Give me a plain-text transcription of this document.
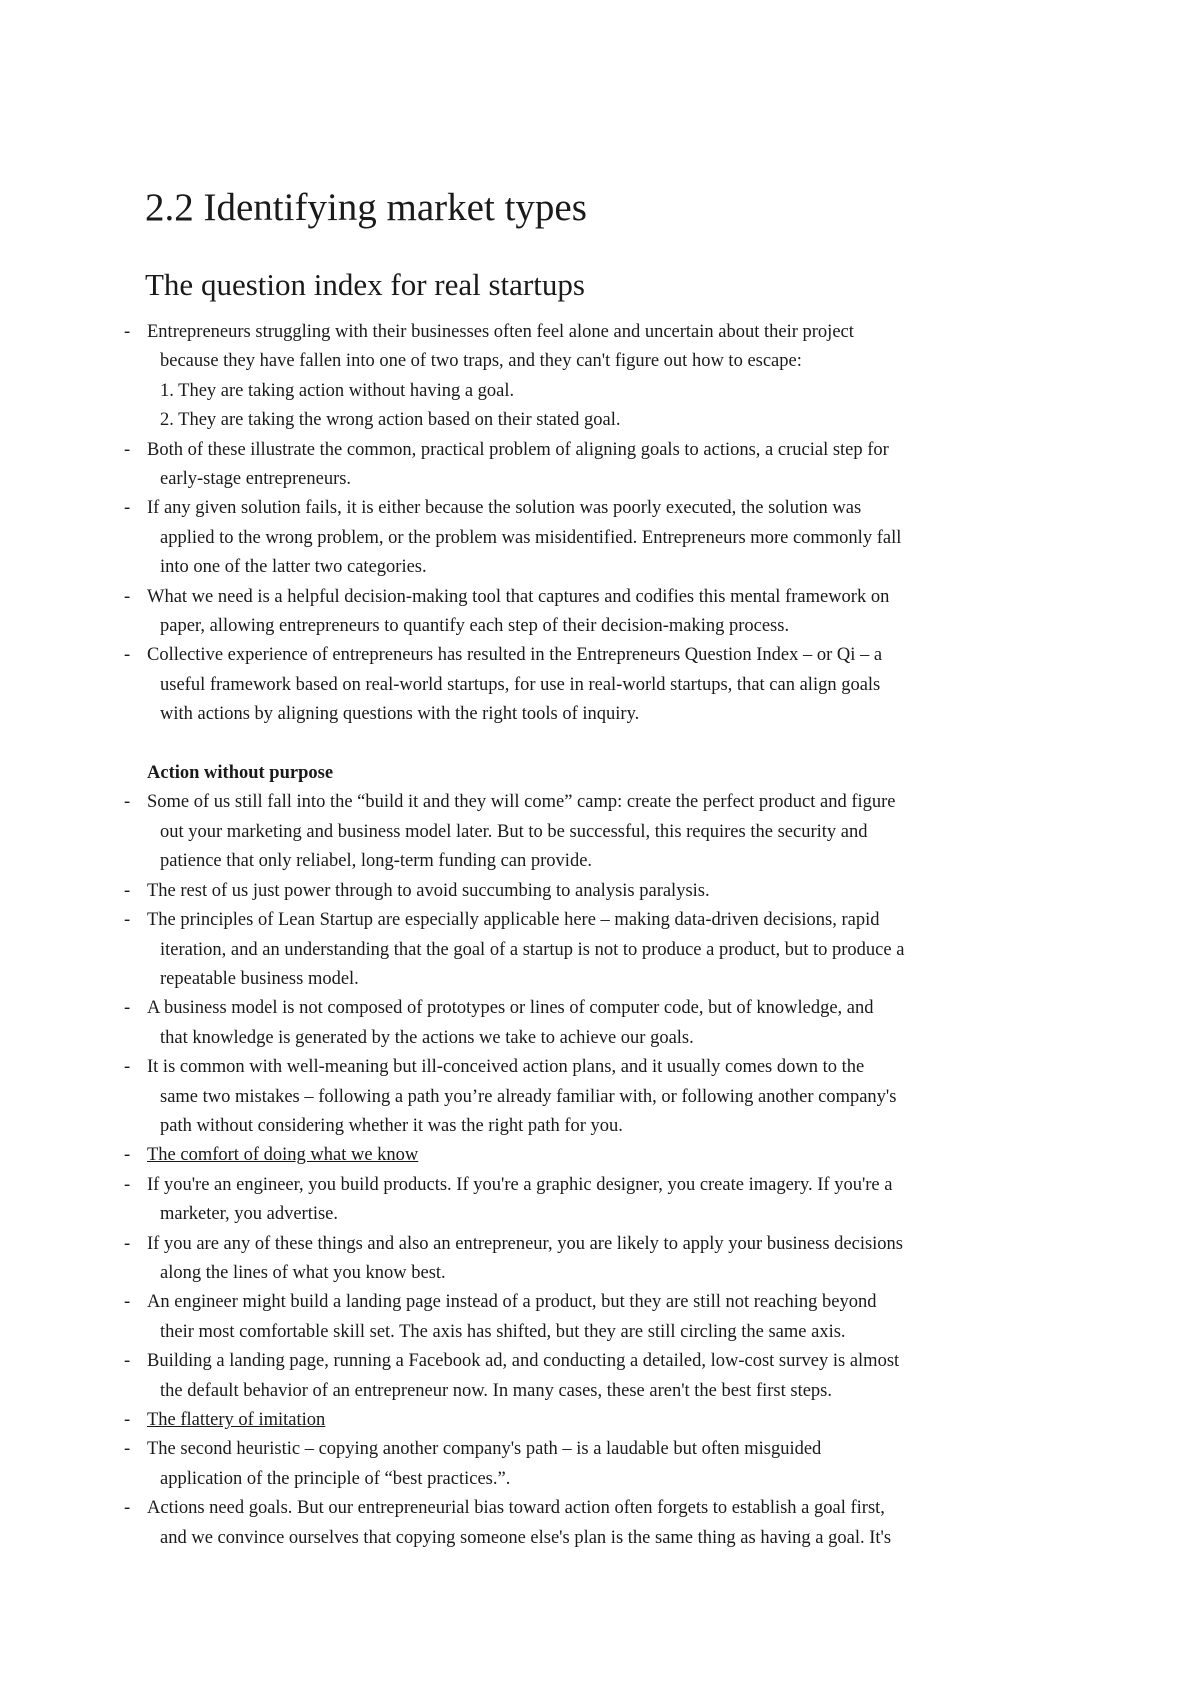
2.2 Identifying market types
The question index for real startups
- Entrepreneurs struggling with their businesses often feel alone and uncertain about their project
because they have fallen into one of two traps, and they can't figure out how to escape:
1. They are taking action without having a goal.
2. They are taking the wrong action based on their stated goal.
- Both of these illustrate the common, practical problem of aligning goals to actions, a crucial step for
early-stage entrepreneurs.
- If any given solution fails, it is either because the solution was poorly executed, the solution was
applied to the wrong problem, or the problem was misidentified. Entrepreneurs more commonly fall
into one of the latter two categories.
- What we need is a helpful decision-making tool that captures and codifies this mental framework on
paper, allowing entrepreneurs to quantify each step of their decision-making process.
- Collective experience of entrepreneurs has resulted in the Entrepreneurs Question Index – or Qi – a
useful framework based on real-world startups, for use in real-world startups, that can align goals
with actions by aligning questions with the right tools of inquiry.

Action without purpose

- Some of us still fall into the “build it and they will come” camp: create the perfect product and figure
out your marketing and business model later. But to be successful, this requires the security and
patience that only reliabel, long-term funding can provide.
- The rest of us just power through to avoid succumbing to analysis paralysis.
- The principles of Lean Startup are especially applicable here – making data-driven decisions, rapid
iteration, and an understanding that the goal of a startup is not to produce a product, but to produce a
repeatable business model.
- A business model is not composed of prototypes or lines of computer code, but of knowledge, and
that knowledge is generated by the actions we take to achieve our goals.
- It is common with well-meaning but ill-conceived action plans, and it usually comes down to the
same two mistakes – following a path you’re already familiar with, or following another company's
path without considering whether it was the right path for you.
- The comfort of doing what we know
- If you're an engineer, you build products. If you're a graphic designer, you create imagery. If you're a
marketer, you advertise.
- If you are any of these things and also an entrepreneur, you are likely to apply your business decisions
along the lines of what you know best.
- An engineer might build a landing page instead of a product, but they are still not reaching beyond
their most comfortable skill set. The axis has shifted, but they are still circling the same axis.
- Building a landing page, running a Facebook ad, and conducting a detailed, low-cost survey is almost
the default behavior of an entrepreneur now. In many cases, these aren't the best first steps.
- The flattery of imitation
- The second heuristic – copying another company's path – is a laudable but often misguided
application of the principle of “best practices.”.
- Actions need goals. But our entrepreneurial bias toward action often forgets to establish a goal first,
and we convince ourselves that copying someone else's plan is the same thing as having a goal. It's
